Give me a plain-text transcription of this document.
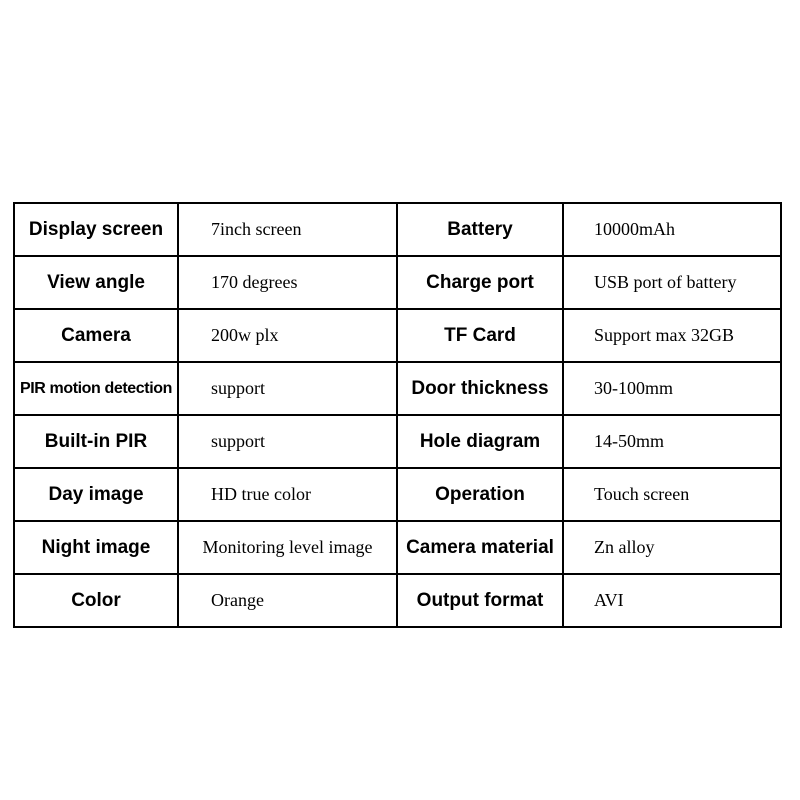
Display screen	7inch screen	Battery	10000mAh
View angle	170 degrees	Charge port	USB port of battery
Camera	200w plx	TF Card	Support max 32GB
PIR motion detection	support	Door thickness	30-100mm
Built-in PIR	support	Hole diagram	14-50mm
Day image	HD true color	Operation	Touch screen
Night image	Monitoring level image	Camera material	Zn alloy
Color	Orange	Output format	AVI
